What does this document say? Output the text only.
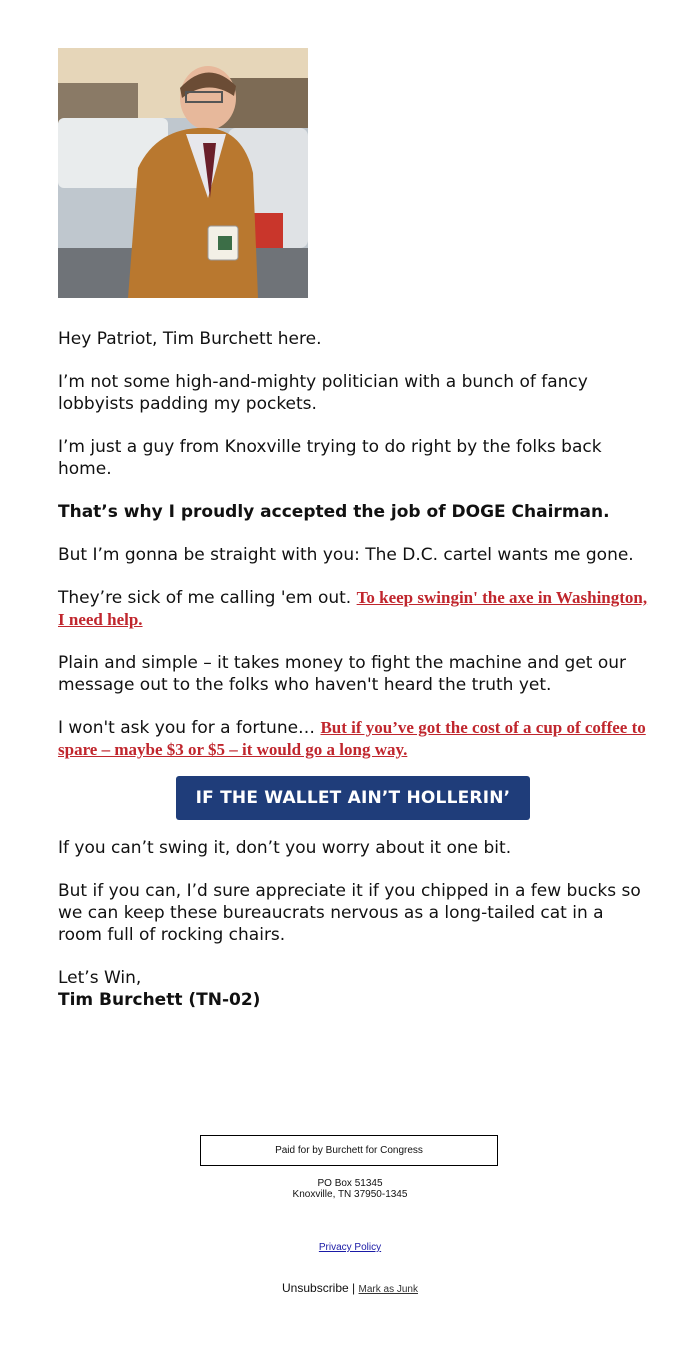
Hey Patriot, Tim Burchett here.

I’m not some high-and-mighty politician with a bunch of fancy lobbyists padding my pockets.

I’m just a guy from Knoxville trying to do right by the folks back home.

That’s why I proudly accepted the job of DOGE Chairman.

But I’m gonna be straight with you: The D.C. cartel wants me gone.

They’re sick of me calling 'em out. To keep swingin' the axe in Washington, I need help.

Plain and simple – it takes money to fight the machine and get our message out to the folks who haven't heard the truth yet.

I won't ask you for a fortune… But if you’ve got the cost of a cup of coffee to spare – maybe $3 or $5 – it would go a long way.

IF THE WALLET AIN’T HOLLERIN’

If you can’t swing it, don’t you worry about it one bit.

But if you can, I’d sure appreciate it if you chipped in a few bucks so we can keep these bureaucrats nervous as a long-tailed cat in a room full of rocking chairs.

Let’s Win,

Tim Burchett (TN-02)

Paid for by Burchett for Congress
PO Box 51345
Knoxville, TN 37950-1345
Privacy Policy
Unsubscribe | Mark as Junk
